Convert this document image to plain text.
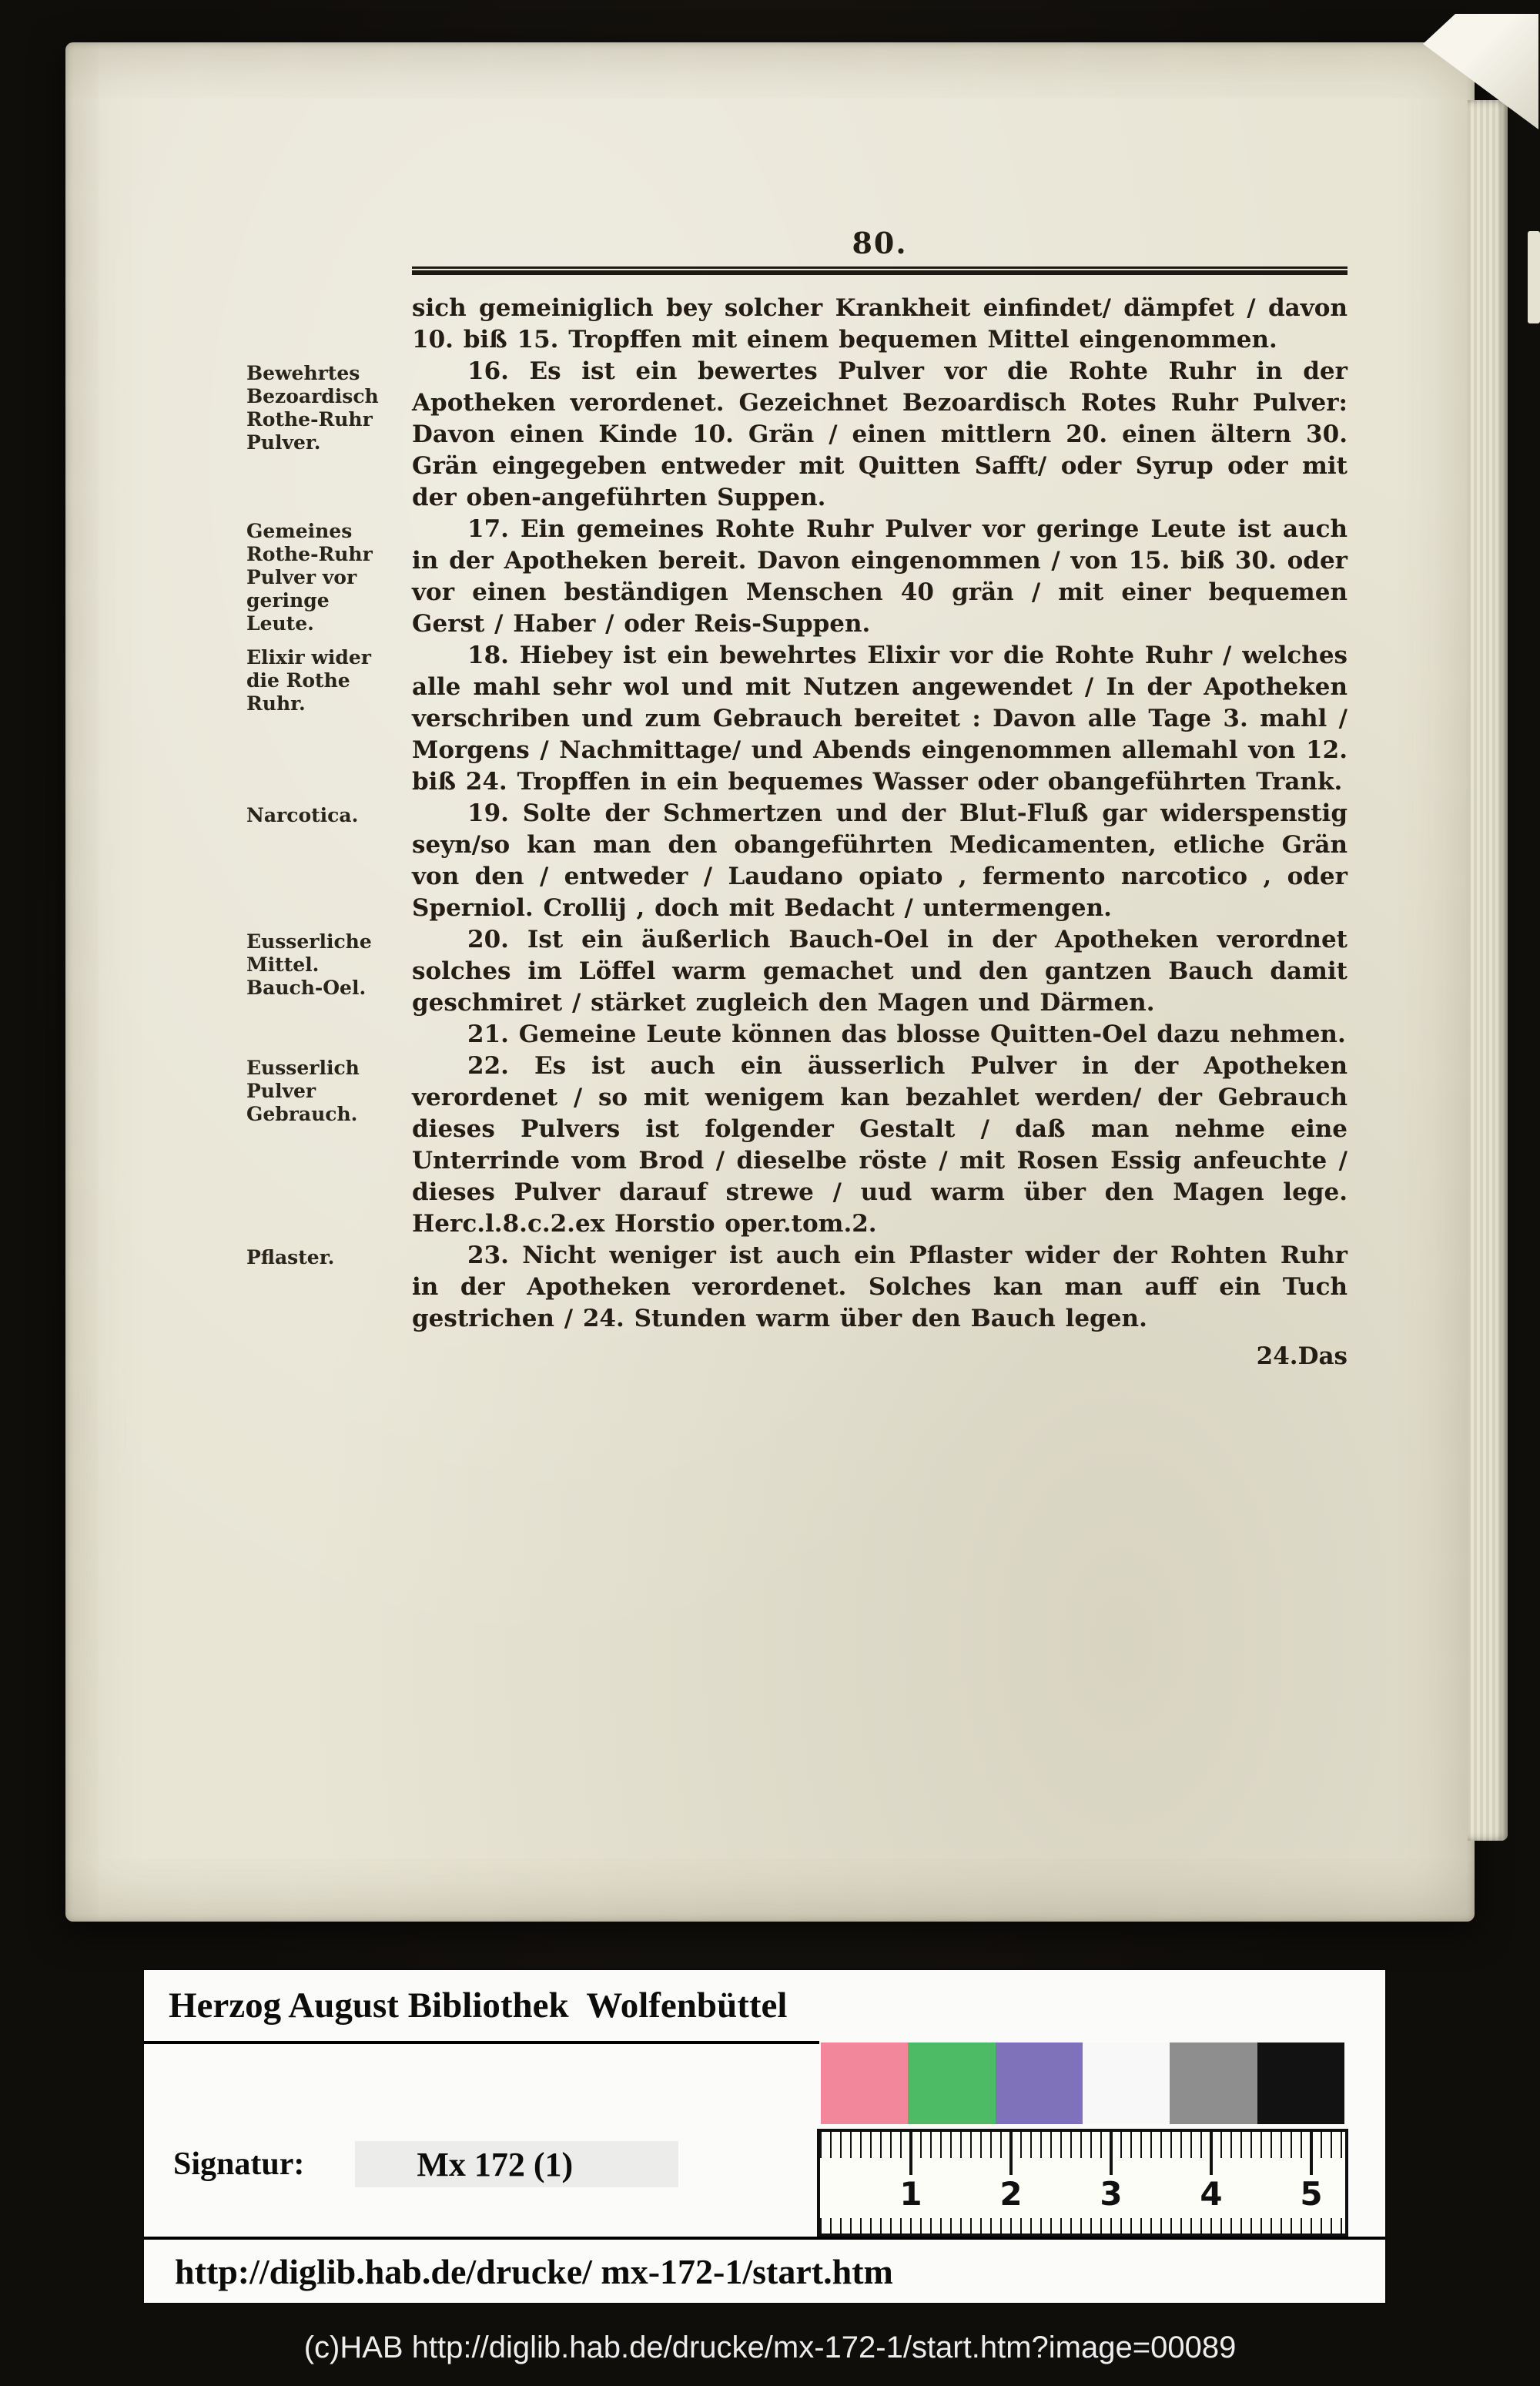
80.
sich gemeiniglich bey solcher Krankheit einfindet/ dämpfet / davon 10. biß 15. Tropffen mit einem bequemen Mittel eingenommen.
Bewehrtes Bezoardisch Rothe-Ruhr Pulver.
16. Es ist ein bewertes Pulver vor die Rohte Ruhr in der Apotheken verordenet. Gezeichnet Bezoardisch Rotes Ruhr Pulver: Davon einen Kinde 10. Grän / einen mittlern 20. einen ältern 30. Grän eingegeben entweder mit Quitten Safft/ oder Syrup oder mit der oben-angeführten Suppen.
Gemeines Rothe-Ruhr Pulver vor geringe Leute.
17. Ein gemeines Rohte Ruhr Pulver vor geringe Leute ist auch in der Apotheken bereit. Davon eingenommen / von 15. biß 30. oder vor einen beständigen Menschen 40 grän / mit einer bequemen Gerst / Haber / oder Reis-Suppen.
Elixir wider die Rothe Ruhr.
18. Hiebey ist ein bewehrtes Elixir vor die Rohte Ruhr / welches alle mahl sehr wol und mit Nutzen angewendet / In der Apotheken verschriben und zum Gebrauch bereitet : Davon alle Tage 3. mahl / Morgens / Nachmittage/ und Abends eingenommen allemahl von 12. biß 24. Tropffen in ein bequemes Wasser oder obangeführten Trank.
Narcotica.	19. Solte der Schmertzen und der Blut-Fluß gar widerspenstig seyn/so kan man den obangeführten Medicamenten, etliche Grän von den / entweder / Laudano opiato , fermento narcotico , oder Sperniol. Crollij , doch mit Bedacht / untermengen.
Eusserliche Mittel. Bauch-Oel.
20. Ist ein äußerlich Bauch-Oel in der Apotheken verordnet solches im Löffel warm gemachet und den gantzen Bauch damit geschmiret / stärket zugleich den Magen und Därmen.
21. Gemeine Leute können das blosse Quitten-Oel dazu nehmen.
Eusserlich Pulver Gebrauch.
22. Es ist auch ein äusserlich Pulver in der Apotheken verordenet / so mit wenigem kan bezahlet werden/ der Gebrauch dieses Pulvers ist folgender Gestalt / daß man nehme eine Unterrinde vom Brod / dieselbe röste / mit Rosen Essig anfeuchte / dieses Pulver darauf strewe / uud warm über den Magen lege. Herc.l.8.c.2.ex Horstio oper.tom.2.
Pflaster.	23. Nicht weniger ist auch ein Pflaster wider der Rohten Ruhr in der Apotheken verordenet. Solches kan man auff ein Tuch gestrichen / 24. Stunden warm über den Bauch legen.
24.Das
Herzog August Bibliothek  Wolfenbüttel
1 2 3 4 5
Signatur:	Mx 172 (1)
http://diglib.hab.de/drucke/ mx-172-1/start.htm
(c)HAB http://diglib.hab.de/drucke/mx-172-1/start.htm?image=00089
